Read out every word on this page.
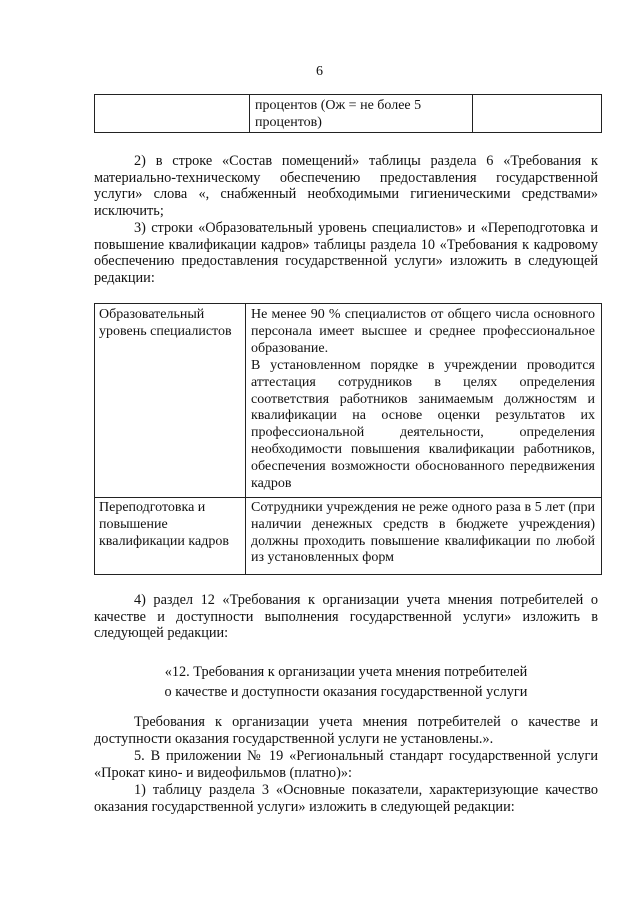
6
процентов (Ож = не более 5 процентов)
2) в строке «Состав помещений» таблицы раздела 6 «Требования к материально-техническому обеспечению предоставления государственной услуги» слова «, снабженный необходимыми гигиеническими средствами» исключить;
3) строки «Образовательный уровень специалистов» и «Переподготовка и повышение квалификации кадров» таблицы раздела 10 «Требования к кадровому обеспечению предоставления государственной услуги» изложить в следующей редакции:
Образовательный уровень специалистов
Не менее 90 % специалистов от общего числа основного персонала имеет высшее и среднее профессиональное образование.
В установленном порядке в учреждении проводится аттестация сотрудников в целях определения соответствия работников занимаемым должностям и квалификации на основе оценки результатов их профессиональной деятельности, определения необходимости повышения квалификации работников, обеспечения возможности обоснованного передвижения кадров
Переподготовка и повышение квалификации кадров
Сотрудники учреждения не реже одного раза в 5 лет (при наличии денежных средств в бюджете учреждения) должны проходить повышение квалификации по любой из установленных форм
4) раздел 12 «Требования к организации учета мнения потребителей о качестве и доступности выполнения государственной услуги» изложить в следующей редакции:
«12. Требования к организации учета мнения потребителей
о качестве и доступности оказания государственной услуги
Требования к организации учета мнения потребителей о качестве и доступности оказания государственной услуги не установлены.».
5. В приложении № 19 «Региональный стандарт государственной услуги «Прокат кино- и видеофильмов (платно)»:
1) таблицу раздела 3 «Основные показатели, характеризующие качество оказания государственной услуги» изложить в следующей редакции:
